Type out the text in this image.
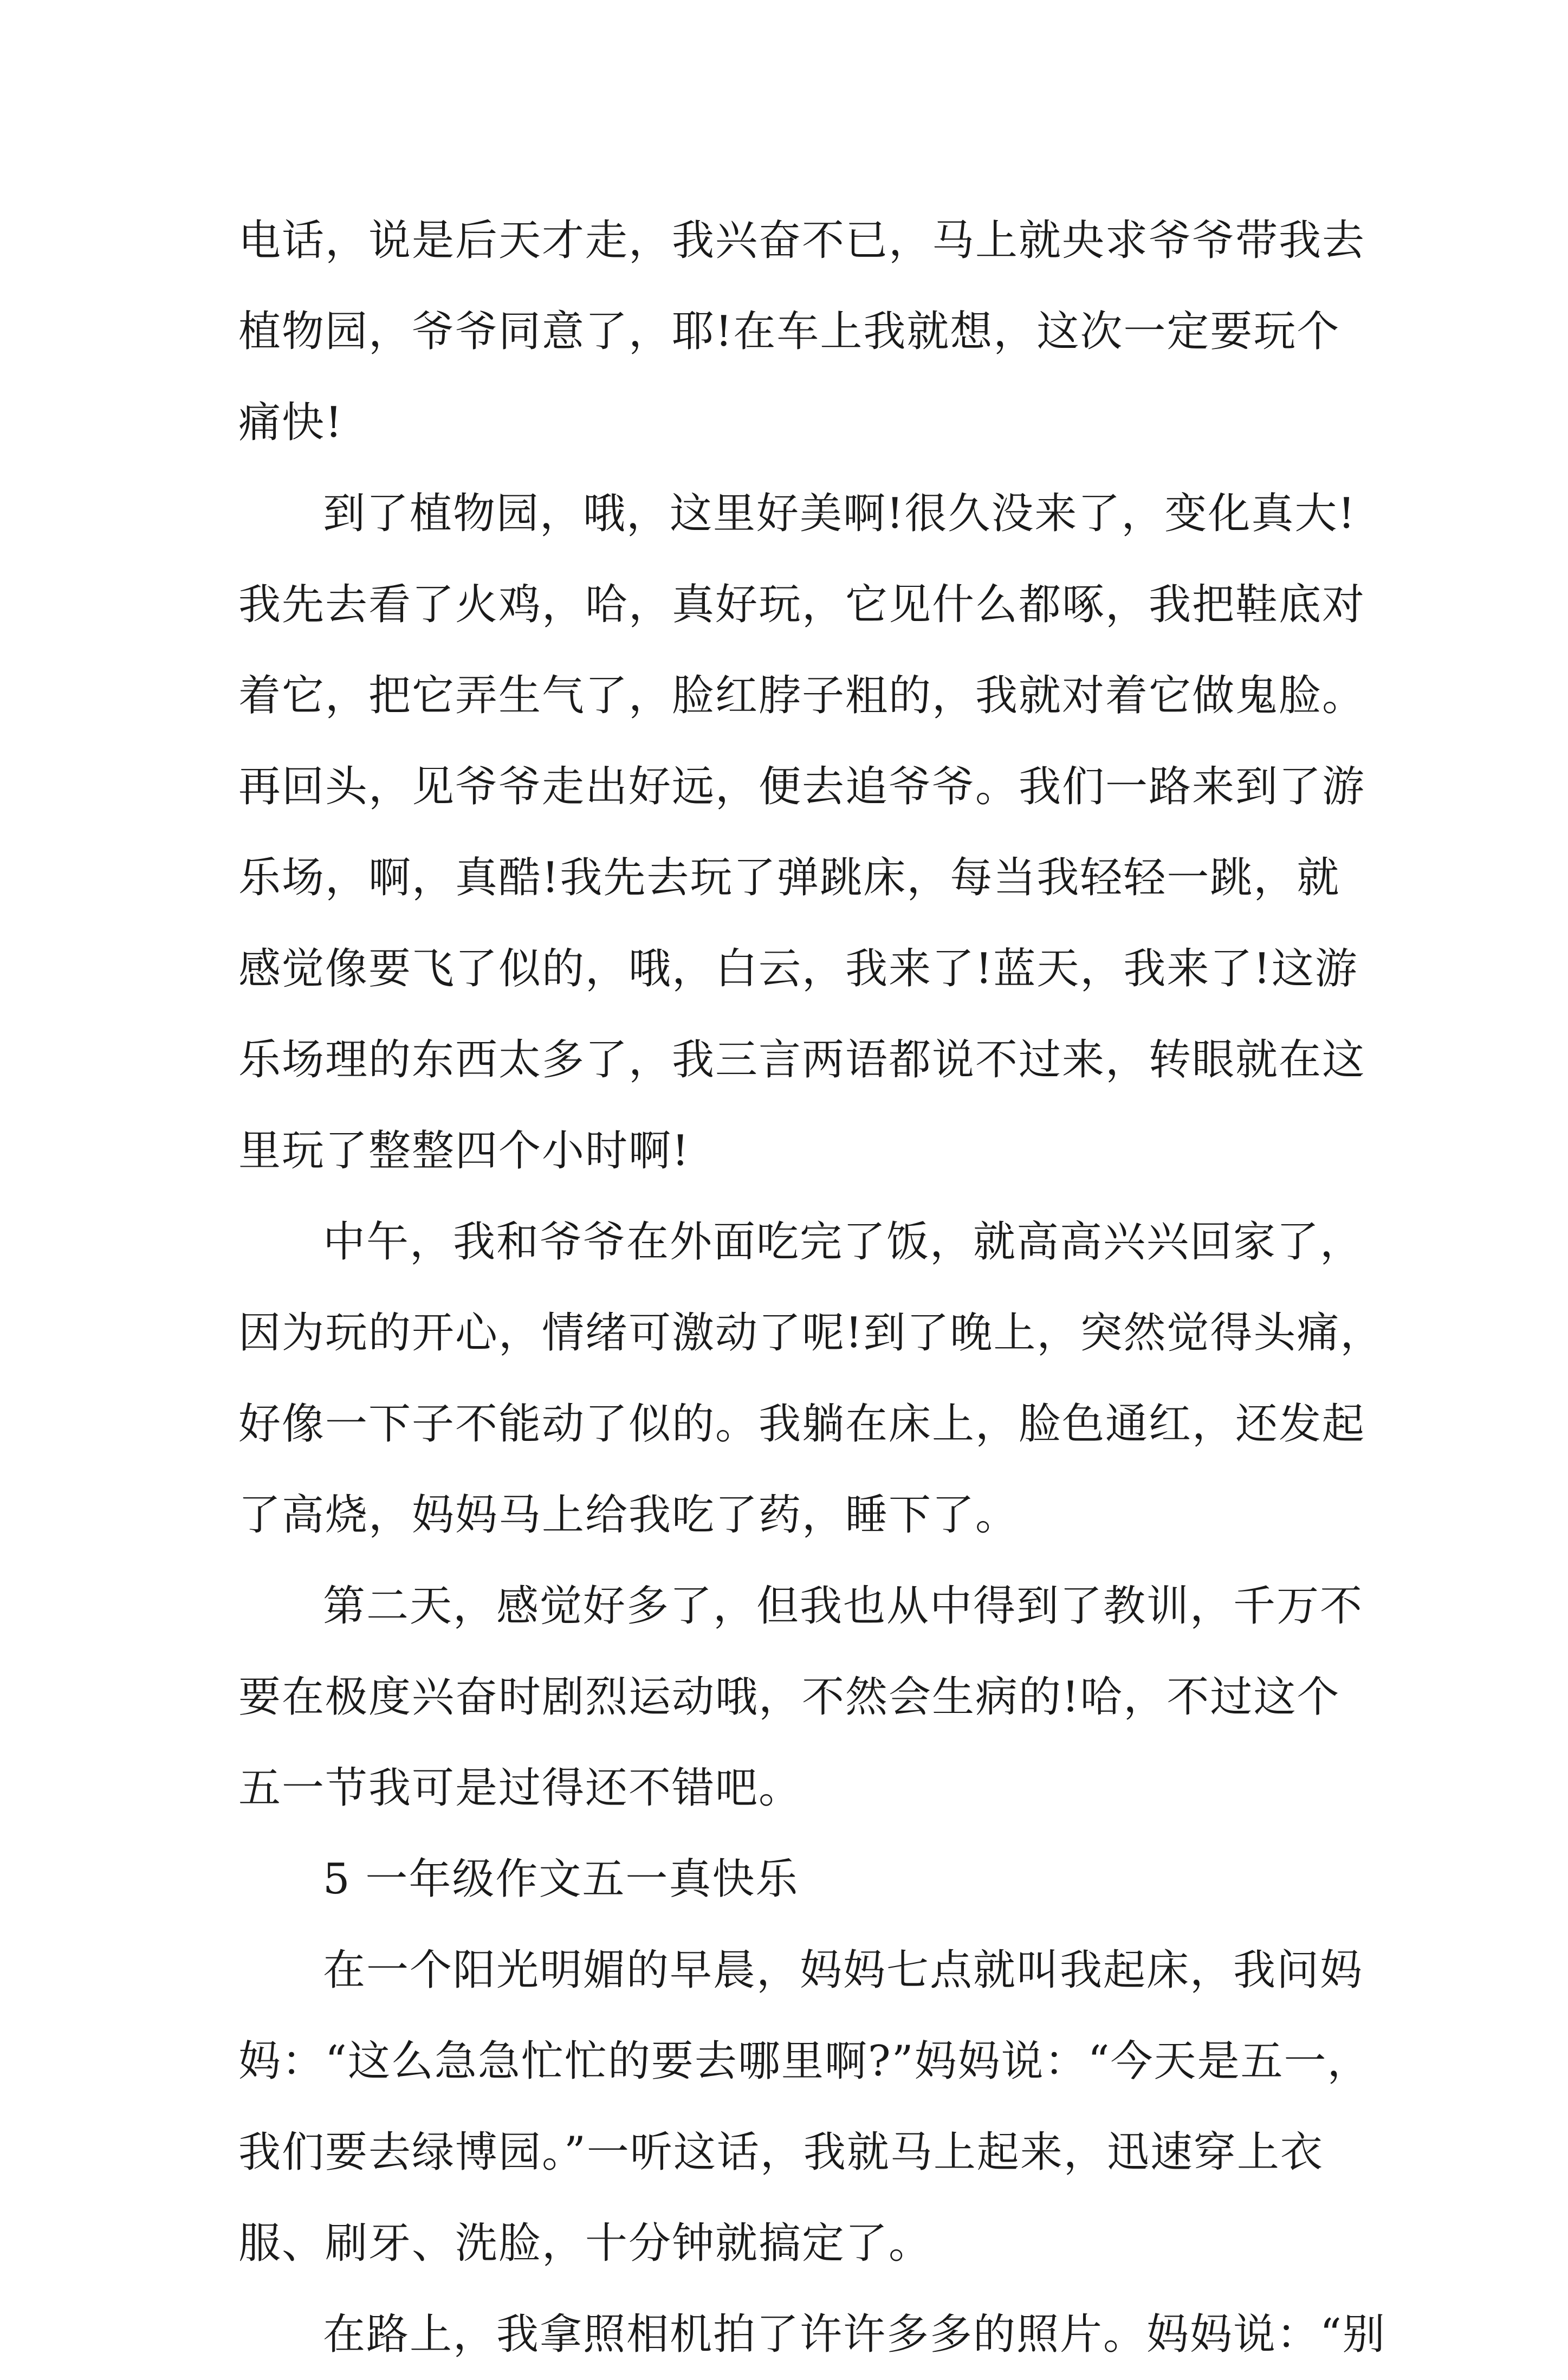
电话，说是后天才走，我兴奋不已，马上就央求爷爷带我去
植物园，爷爷同意了，耶!在车上我就想，这次一定要玩个
痛快!
到了植物园，哦，这里好美啊!很久没来了，变化真大!
我先去看了火鸡，哈，真好玩，它见什么都啄，我把鞋底对
着它，把它弄生气了，脸红脖子粗的，我就对着它做鬼脸。
再回头，见爷爷走出好远，便去追爷爷。我们一路来到了游
乐场，啊，真酷!我先去玩了弹跳床，每当我轻轻一跳，就
感觉像要飞了似的，哦，白云，我来了!蓝天，我来了!这游
乐场理的东西太多了，我三言两语都说不过来，转眼就在这
里玩了整整四个小时啊!
中午，我和爷爷在外面吃完了饭，就高高兴兴回家了，
因为玩的开心，情绪可激动了呢!到了晚上，突然觉得头痛，
好像一下子不能动了似的。我躺在床上，脸色通红，还发起
了高烧，妈妈马上给我吃了药，睡下了。
第二天，感觉好多了，但我也从中得到了教训，千万不
要在极度兴奋时剧烈运动哦，不然会生病的!哈，不过这个
五一节我可是过得还不错吧。
5 一年级作文五一真快乐
在一个阳光明媚的早晨，妈妈七点就叫我起床，我问妈
妈：“这么急急忙忙的要去哪里啊?”妈妈说：“今天是五一，
我们要去绿博园。”一听这话，我就马上起来，迅速穿上衣
服、刷牙、洗脸，十分钟就搞定了。
在路上，我拿照相机拍了许许多多的照片。妈妈说：“别
